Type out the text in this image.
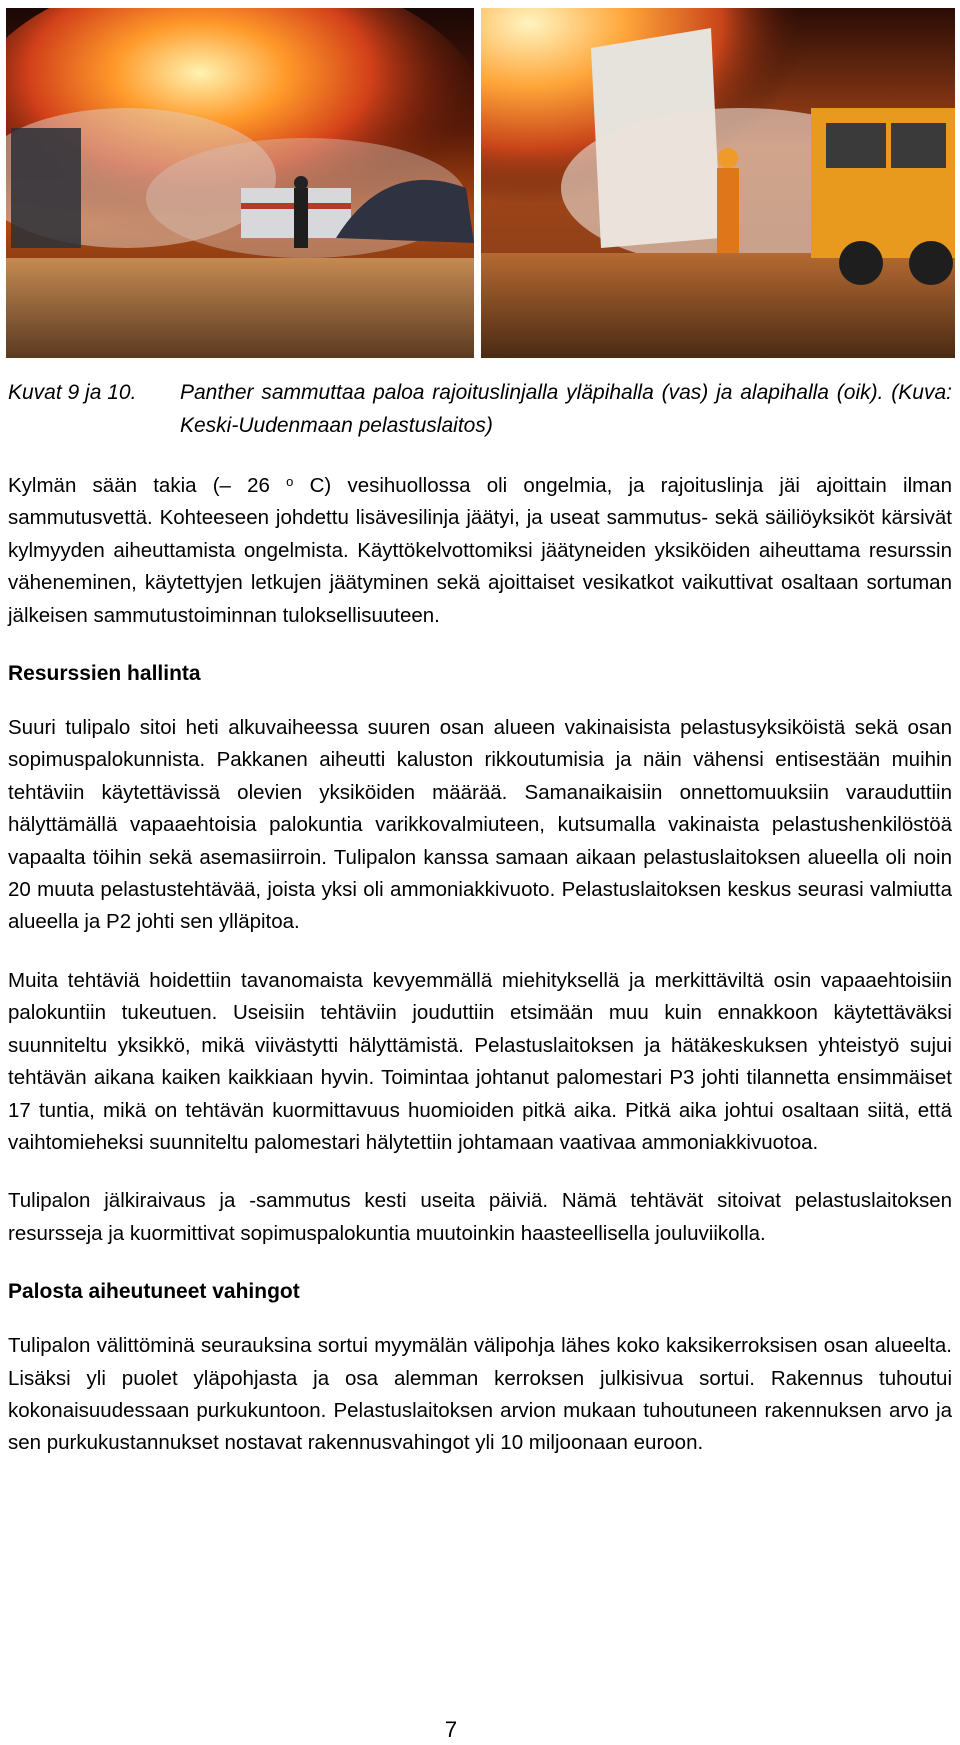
Kuvat 9 ja 10. Panther sammuttaa paloa rajoituslinjalla yläpihalla (vas) ja alapihalla (oik). (Kuva: Keski-Uudenmaan pelastuslaitos)

Kylmän sään takia (– 26 $^o$ C) vesihuollossa oli ongelmia, ja rajoituslinja jäi ajoittain ilman sammutusvettä. Kohteeseen johdettu lisävesilinja jäätyi, ja useat sammutus- sekä säiliöyksiköt kärsivät kylmyyden aiheuttamista ongelmista. Käyttökelvottomiksi jäätyneiden yksiköiden aiheuttama resurssin väheneminen, käytettyjen letkujen jäätyminen sekä ajoittaiset vesikatkot vaikuttivat osaltaan sortuman jälkeisen sammutustoiminnan tuloksellisuuteen.

Resurssien hallinta

Suuri tulipalo sitoi heti alkuvaiheessa suuren osan alueen vakinaisista pelastusyksiköistä sekä osan sopimuspalokunnista. Pakkanen aiheutti kaluston rikkoutumisia ja näin vähensi entisestään muihin tehtäviin käytettävissä olevien yksiköiden määrää. Samanaikaisiin onnettomuuksiin varauduttiin hälyttämällä vapaaehtoisia palokuntia varikkovalmiuteen, kutsumalla vakinaista pelastushenkilöstöä vapaalta töihin sekä asemasiirroin. Tulipalon kanssa samaan aikaan pelastuslaitoksen alueella oli noin 20 muuta pelastustehtävää, joista yksi oli ammoniakkivuoto. Pelastuslaitoksen keskus seurasi valmiutta alueella ja P2 johti sen ylläpitoa.

Muita tehtäviä hoidettiin tavanomaista kevyemmällä miehityksellä ja merkittäviltä osin vapaaehtoisiin palokuntiin tukeutuen. Useisiin tehtäviin jouduttiin etsimään muu kuin ennakkoon käytettäväksi suunniteltu yksikkö, mikä viivästytti hälyttämistä. Pelastuslaitoksen ja hätäkeskuksen yhteistyö sujui tehtävän aikana kaiken kaikkiaan hyvin. Toimintaa johtanut palomestari P3 johti tilannetta ensimmäiset 17 tuntia, mikä on tehtävän kuormittavuus huomioiden pitkä aika. Pitkä aika johtui osaltaan siitä, että vaihtomieheksi suunniteltu palomestari hälytettiin johtamaan vaativaa ammoniakkivuotoa.

Tulipalon jälkiraivaus ja -sammutus kesti useita päiviä. Nämä tehtävät sitoivat pelastuslaitoksen resursseja ja kuormittivat sopimuspalokuntia muutoinkin haasteellisella jouluviikolla.

Palosta aiheutuneet vahingot

Tulipalon välittöminä seurauksina sortui myymälän välipohja lähes koko kaksikerroksisen osan alueelta. Lisäksi yli puolet yläpohjasta ja osa alemman kerroksen julkisivua sortui. Rakennus tuhoutui kokonaisuudessaan purkukuntoon. Pelastuslaitoksen arvion mukaan tuhoutuneen rakennuksen arvo ja sen purkukustannukset nostavat rakennusvahingot yli 10 miljoonaan euroon.

7
